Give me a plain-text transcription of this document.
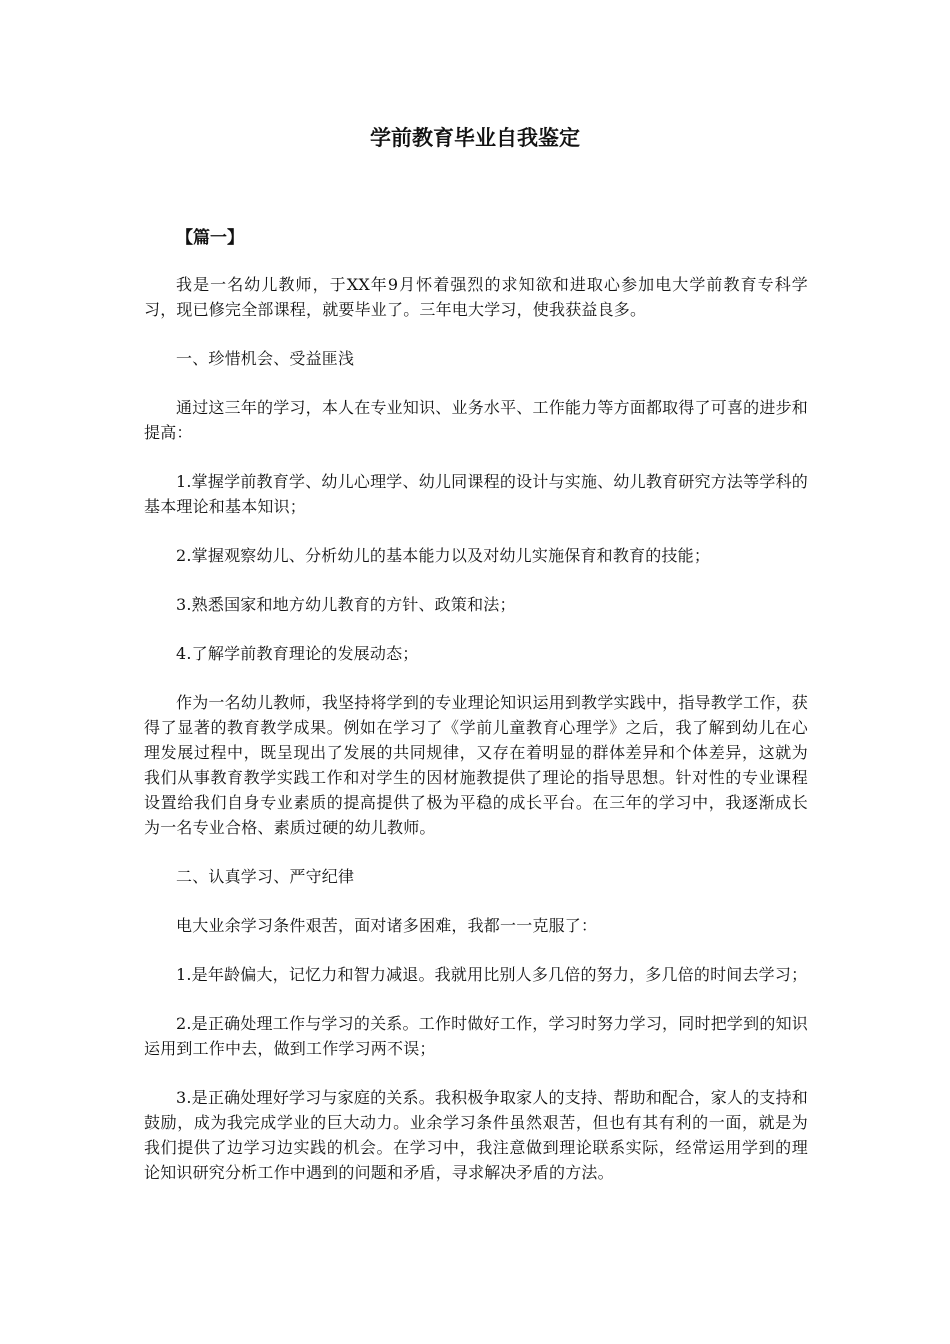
学前教育毕业自我鉴定
【篇一】

我是一名幼儿教师，于XX年9月怀着强烈的求知欲和进取心参加电大学前教育专科学习，现已修完全部课程，就要毕业了。三年电大学习，使我获益良多。

一、珍惜机会、受益匪浅

通过这三年的学习，本人在专业知识、业务水平、工作能力等方面都取得了可喜的进步和提高：

1.掌握学前教育学、幼儿心理学、幼儿同课程的设计与实施、幼儿教育研究方法等学科的基本理论和基本知识；

2.掌握观察幼儿、分析幼儿的基本能力以及对幼儿实施保育和教育的技能；

3.熟悉国家和地方幼儿教育的方针、政策和法；

4.了解学前教育理论的发展动态；

作为一名幼儿教师，我坚持将学到的专业理论知识运用到教学实践中，指导教学工作，获得了显著的教育教学成果。例如在学习了《学前儿童教育心理学》之后，我了解到幼儿在心理发展过程中，既呈现出了发展的共同规律，又存在着明显的群体差异和个体差异，这就为我们从事教育教学实践工作和对学生的因材施教提供了理论的指导思想。针对性的专业课程设置给我们自身专业素质的提高提供了极为平稳的成长平台。在三年的学习中，我逐渐成长为一名专业合格、素质过硬的幼儿教师。

二、认真学习、严守纪律

电大业余学习条件艰苦，面对诸多困难，我都一一克服了：

1.是年龄偏大，记忆力和智力减退。我就用比别人多几倍的努力，多几倍的时间去学习；

2.是正确处理工作与学习的关系。工作时做好工作，学习时努力学习，同时把学到的知识运用到工作中去，做到工作学习两不误；

3.是正确处理好学习与家庭的关系。我积极争取家人的支持、帮助和配合，家人的支持和鼓励，成为我完成学业的巨大动力。业余学习条件虽然艰苦，但也有其有利的一面，就是为我们提供了边学习边实践的机会。在学习中，我注意做到理论联系实际，经常运用学到的理论知识研究分析工作中遇到的问题和矛盾，寻求解决矛盾的方法。
